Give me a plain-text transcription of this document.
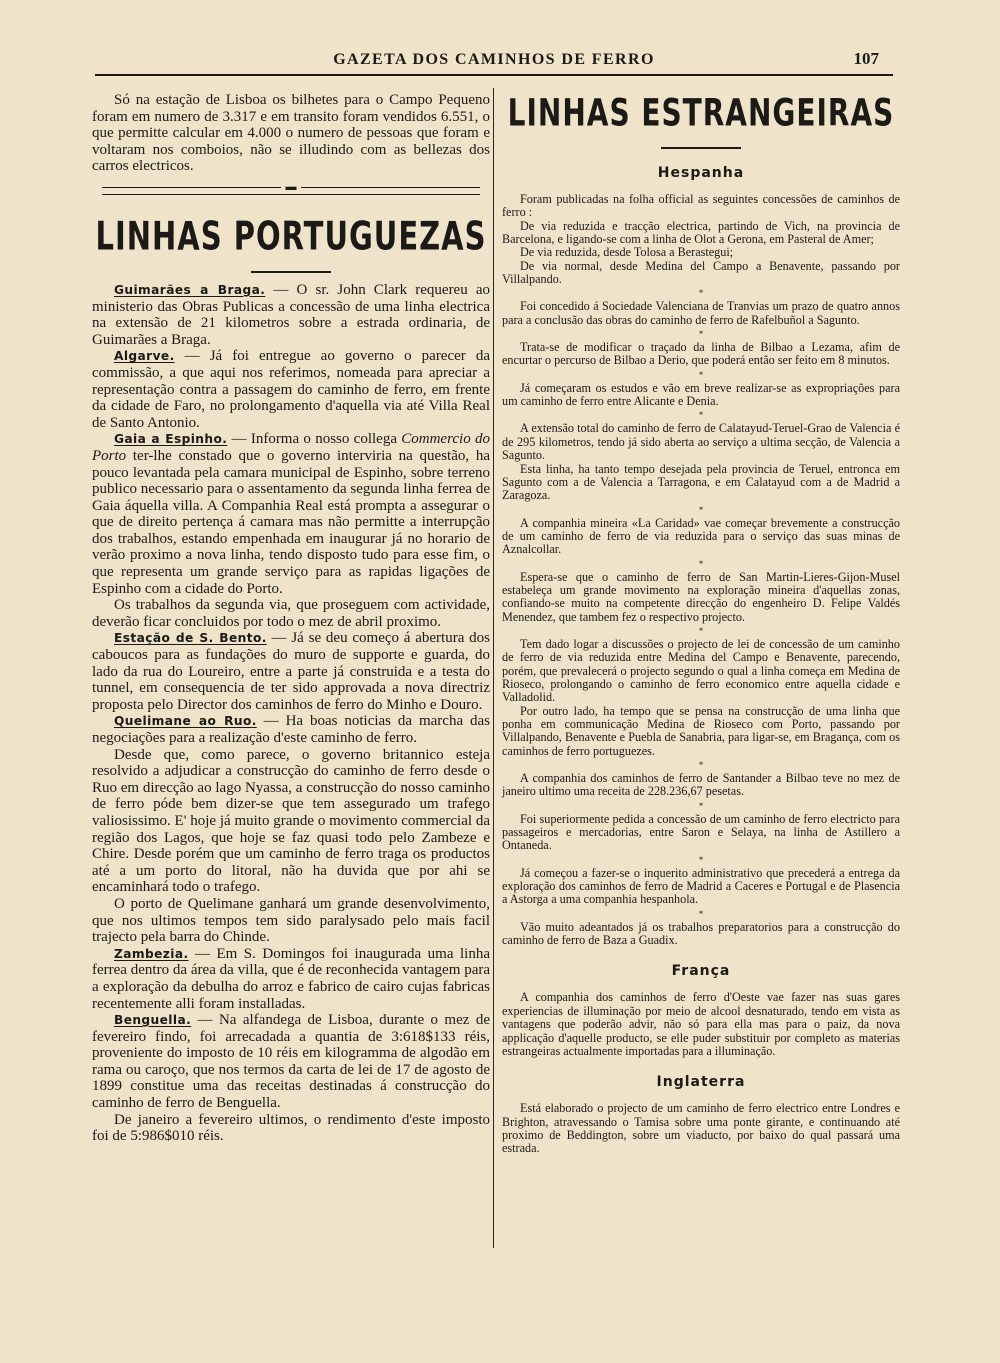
GAZETA DOS CAMINHOS DE FERRO	107

Só na estação de Lisboa os bilhetes para o Campo Pequeno foram em numero de 3.317 e em transito foram vendidos 6.551, o que permitte calcular em 4.000 o numero de pessoas que foram e voltaram nos comboios, não se illudindo com as bellezas dos carros electricos.

▬
LINHAS PORTUGUEZAS

Guimarães a Braga. — O sr. John Clark requereu ao ministerio das Obras Publicas a concessão de uma linha electrica na extensão de 21 kilometros sobre a estrada ordinaria, de Guimarães a Braga.

Algarve. — Já foi entregue ao governo o parecer da commissão, a que aqui nos referimos, nomeada para apreciar a representação contra a passagem do caminho de ferro, em frente da cidade de Faro, no prolongamento d'aquella via até Villa Real de Santo Antonio.

Gaia a Espinho. — Informa o nosso collega Commercio do Porto ter-lhe constado que o governo interviria na questão, ha pouco levantada pela camara municipal de Espinho, sobre terreno publico necessario para o assentamento da segunda linha ferrea de Gaia áquella villa. A Companhia Real está prompta a assegurar o que de direito pertença á camara mas não permitte a interrupção dos trabalhos, estando empenhada em inaugurar já no horario de verão proximo a nova linha, tendo disposto tudo para esse fim, o que representa um grande serviço para as rapidas ligações de Espinho com a cidade do Porto.

Os trabalhos da segunda via, que proseguem com actividade, deverão ficar concluidos por todo o mez de abril proximo.

Estação de S. Bento. — Já se deu começo á abertura dos caboucos para as fundações do muro de supporte e guarda, do lado da rua do Loureiro, entre a parte já construida e a testa do tunnel, em consequencia de ter sido approvada a nova directriz proposta pelo Director dos caminhos de ferro do Minho e Douro.

Quelimane ao Ruo. — Ha boas noticias da marcha das negociações para a realização d'este caminho de ferro.

Desde que, como parece, o governo britannico esteja resolvido a adjudicar a construcção do caminho de ferro desde o Ruo em direcção ao lago Nyassa, a construcção do nosso caminho de ferro póde bem dizer-se que tem assegurado um trafego valiosissimo. E' hoje já muito grande o movimento commercial da região dos Lagos, que hoje se faz quasi todo pelo Zambeze e Chire. Desde porém que um caminho de ferro traga os productos até a um porto do litoral, não ha duvida que por ahi se encaminhará todo o trafego.

O porto de Quelimane ganhará um grande desenvolvimento, que nos ultimos tempos tem sido paralysado pelo mais facil trajecto pela barra do Chinde.

Zambezia. — Em S. Domingos foi inaugurada uma linha ferrea dentro da área da villa, que é de reconhecida vantagem para a exploração da debulha do arroz e fabrico de cairo cujas fabricas recentemente alli foram installadas.

Benguella. — Na alfandega de Lisboa, durante o mez de fevereiro findo, foi arrecadada a quantia de 3:618$133 réis, proveniente do imposto de 10 réis em kilogramma de algodão em rama ou caroço, que nos termos da carta de lei de 17 de agosto de 1899 constitue uma das receitas destinadas á construcção do caminho de ferro de Benguella.

De janeiro a fevereiro ultimos, o rendimento d'este imposto foi de 5:986$010 réis.

LINHAS ESTRANGEIRAS
Hespanha

Foram publicadas na folha official as seguintes concessões de caminhos de ferro :

De via reduzida e tracção electrica, partindo de Vich, na provincia de Barcelona, e ligando-se com a linha de Olot a Gerona, em Pasteral de Amer;

De via reduzida, desde Tolosa a Berastegui;

De via normal, desde Medina del Campo a Benavente, passando por Villalpando.

*

Foi concedido á Sociedade Valenciana de Tranvias um prazo de quatro annos para a conclusão das obras do caminho de ferro de Rafelbuñol a Sagunto.

*

Trata-se de modificar o traçado da linha de Bilbao a Lezama, afim de encurtar o percurso de Bilbao a Derio, que poderá então ser feito em 8 minutos.

*

Já começaram os estudos e vão em breve realizar-se as expropriações para um caminho de ferro entre Alicante e Denia.

*

A extensão total do caminho de ferro de Calatayud-Teruel-Grao de Valencia é de 295 kilometros, tendo já sido aberta ao serviço a ultima secção, de Valencia a Sagunto.

Esta linha, ha tanto tempo desejada pela provincia de Teruel, entronca em Sagunto com a de Valencia a Tarragona, e em Calatayud com a de Madrid a Zaragoza.

*

A companhia mineira «La Caridad» vae começar brevemente a construcção de um caminho de ferro de via reduzida para o serviço das suas minas de Aznalcollar.

*

Espera-se que o caminho de ferro de San Martin-Lieres-Gijon-Musel estabeleça um grande movimento na exploração mineira d'aquellas zonas, confiando-se muito na competente direcção do engenheiro D. Felipe Valdés Menendez, que tambem fez o respectivo projecto.

*

Tem dado logar a discussões o projecto de lei de concessão de um caminho de ferro de via reduzida entre Medina del Campo e Benavente, parecendo, porém, que prevalecerá o projecto segundo o qual a linha começa em Medina de Rioseco, prolongando o caminho de ferro economico entre aquella cidade e Valladolid.

Por outro lado, ha tempo que se pensa na construcção de uma linha que ponha em communicação Medina de Rioseco com Porto, passando por Villalpando, Benavente e Puebla de Sanabria, para ligar-se, em Bragança, com os caminhos de ferro portuguezes.

*

A companhia dos caminhos de ferro de Santander a Bilbao teve no mez de janeiro ultimo uma receita de 228.236,67 pesetas.

*

Foi superiormente pedida a concessão de um caminho de ferro electricto para passageiros e mercadorias, entre Saron e Selaya, na linha de Astillero a Ontaneda.

*

Já começou a fazer-se o inquerito administrativo que precederá a entrega da exploração dos caminhos de ferro de Madrid a Caceres e Portugal e de Plasencia a Astorga a uma companhia hespanhola.

*

Vão muito adeantados já os trabalhos preparatorios para a construcção do caminho de ferro de Baza a Guadix.

França

A companhia dos caminhos de ferro d'Oeste vae fazer nas suas gares experiencias de illuminação por meio de alcool desnaturado, tendo em vista as vantagens que poderão advir, não só para ella mas para o paiz, da nova applicação d'aquelle producto, se elle puder substituir por completo as materias estrangeiras actualmente importadas para a illuminação.

Inglaterra

Está elaborado o projecto de um caminho de ferro electrico entre Londres e Brighton, atravessando o Tamisa sobre uma ponte girante, e continuando até proximo de Beddington, sobre um viaducto, por baixo do qual passará uma estrada.
